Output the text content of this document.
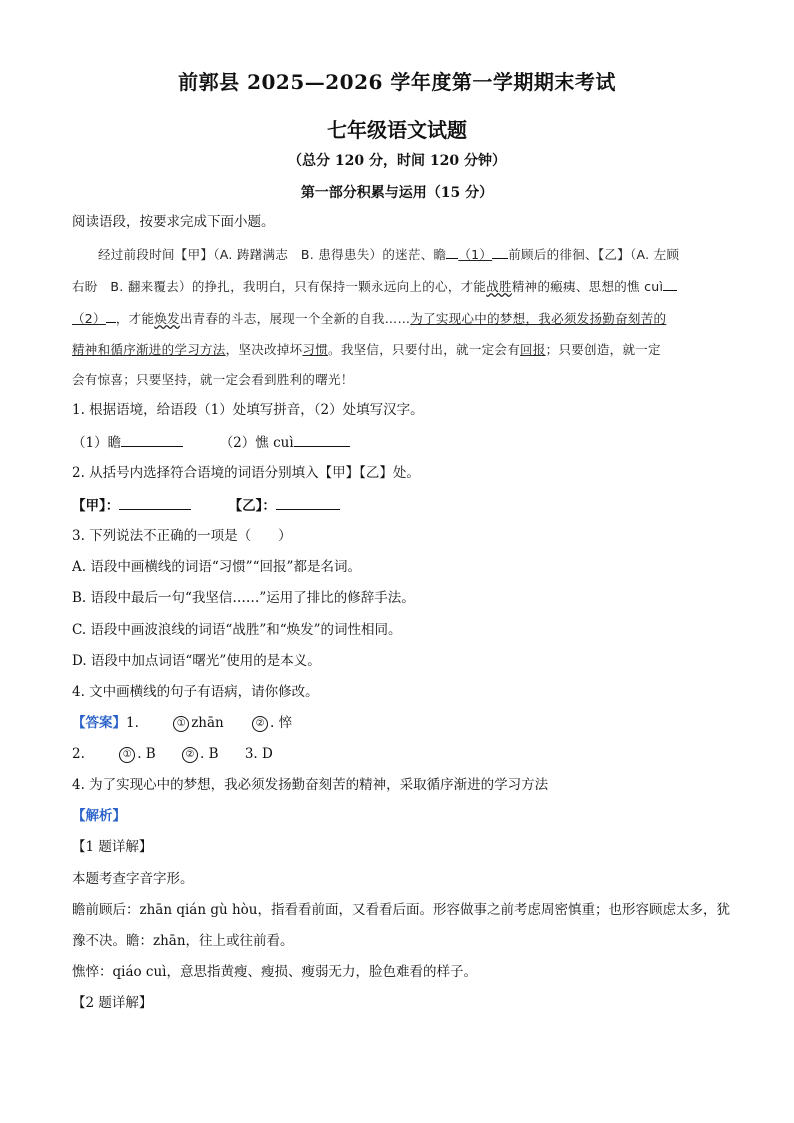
前郭县 2025—2026 学年度第一学期期末考试
七年级语文试题
（总分 120 分，时间 120 分钟）
第一部分积累与运用（15 分）
阅读语段，按要求完成下面小题。
经过前段时间【甲】（A. 踌躇满志　B. 患得患失）的迷茫、瞻 （1） 前顾后的徘徊、【乙】（A. 左顾
右盼　B. 翻来覆去）的挣扎，我明白，只有保持一颗永远向上的心，才能战胜精神的瘢痍、思想的憔 cuì
（2） ，才能焕发出青春的斗志，展现一个全新的自我……为了实现心中的梦想，我必须发扬勤奋刻苦的
精神和循序渐进的学习方法，坚决改掉坏习惯。我坚信，只要付出，就一定会有回报；只要创造，就一定
会有惊喜；只要坚持，就一定会看到胜利的曙光！
1. 根据语境，给语段（1）处填写拼音，（2）处填写汉字。
（1）瞻	（2）憔 cuì
2. 从括号内选择符合语境的词语分别填入【甲】【乙】处。
【甲】：	【乙】：
3. 下列说法不正确的一项是（　　）
A. 语段中画横线的词语“习惯”“回报”都是名词。
B. 语段中最后一句“我坚信……”运用了排比的修辞手法。
C. 语段中画波浪线的词语“战胜”和“焕发”的词性相同。
D. 语段中加点词语“曙光”使用的是本义。
4. 文中画横线的句子有语病，请你修改。
【答案】1.	① zhān	② . 悴
2.	① . B	② . B 3. D
4. 为了实现心中的梦想，我必须发扬勤奋刻苦的精神，采取循序渐进的学习方法
【解析】
【1 题详解】
本题考查字音字形。
瞻前顾后：zhān qián gù hòu，指看看前面，又看看后面。形容做事之前考虑周密慎重；也形容顾虑太多，犹
豫不决。瞻：zhān，往上或往前看。
憔悴：qiáo cuì，意思指黄瘦、瘦损、瘦弱无力，脸色难看的样子。
【2 题详解】
